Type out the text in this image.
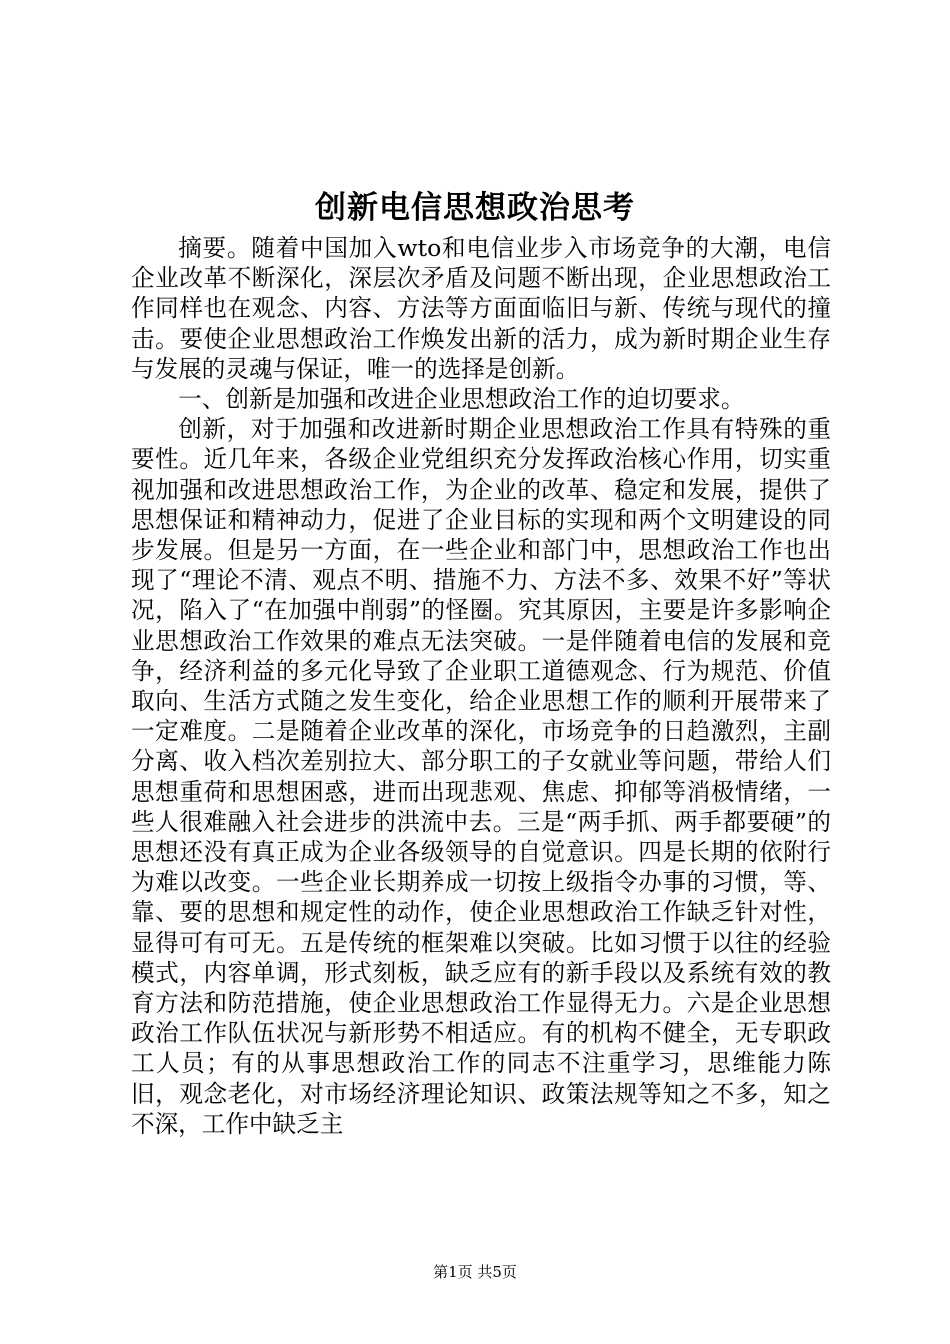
创新电信思想政治思考

摘要。随着中国加入wto和电信业步入市场竞争的大潮，电信企业改革不断深化，深层次矛盾及问题不断出现，企业思想政治工作同样也在观念、内容、方法等方面面临旧与新、传统与现代的撞击。要使企业思想政治工作焕发出新的活力，成为新时期企业生存与发展的灵魂与保证，唯一的选择是创新。

一、创新是加强和改进企业思想政治工作的迫切要求。

创新，对于加强和改进新时期企业思想政治工作具有特殊的重要性。近几年来，各级企业党组织充分发挥政治核心作用，切实重视加强和改进思想政治工作，为企业的改革、稳定和发展，提供了思想保证和精神动力，促进了企业目标的实现和两个文明建设的同步发展。但是另一方面，在一些企业和部门中，思想政治工作也出现了“理论不清、观点不明、措施不力、方法不多、效果不好”等状况，陷入了“在加强中削弱”的怪圈。究其原因，主要是许多影响企业思想政治工作效果的难点无法突破。一是伴随着电信的发展和竞争，经济利益的多元化导致了企业职工道德观念、行为规范、价值取向、生活方式随之发生变化，给企业思想工作的顺利开展带来了一定难度。二是随着企业改革的深化，市场竞争的日趋激烈，主副分离、收入档次差别拉大、部分职工的子女就业等问题，带给人们思想重荷和思想困惑，进而出现悲观、焦虑、抑郁等消极情绪，一些人很难融入社会进步的洪流中去。三是“两手抓、两手都要硬”的思想还没有真正成为企业各级领导的自觉意识。四是长期的依附行为难以改变。一些企业长期养成一切按上级指令办事的习惯，等、靠、要的思想和规定性的动作，使企业思想政治工作缺乏针对性，显得可有可无。五是传统的框架难以突破。比如习惯于以往的经验模式，内容单调，形式刻板，缺乏应有的新手段以及系统有效的教育方法和防范措施，使企业思想政治工作显得无力。六是企业思想政治工作队伍状况与新形势不相适应。有的机构不健全，无专职政工人员；有的从事思想政治工作的同志不注重学习，思维能力陈旧，观念老化，对市场经济理论知识、政策法规等知之不多，知之不深，工作中缺乏主

第1页 共5页
